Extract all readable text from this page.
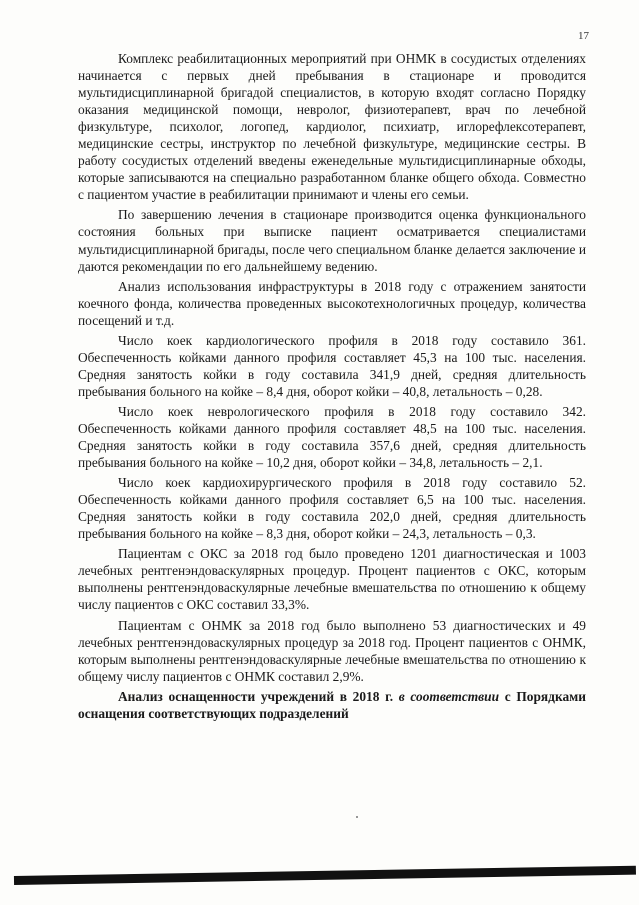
17

Комплекс реабилитационных мероприятий при ОНМК в сосудистых отделениях начинается с первых дней пребывания в стационаре и проводится мультидисциплинарной бригадой специалистов, в которую входят согласно Порядку оказания медицинской помощи, невролог, физиотерапевт, врач по лечебной физкультуре, психолог, логопед, кардиолог, психиатр, иглорефлексотерапевт, медицинские сестры, инструктор по лечебной физкультуре, медицинские сестры. В работу сосудистых отделений введены еженедельные мультидисциплинарные обходы, которые записываются на специально разработанном бланке общего обхода. Совместно с пациентом участие в реабилитации принимают и члены его семьи.

По завершению лечения в стационаре производится оценка функционального состояния больных при выписке пациент осматривается специалистами мультидисциплинарной бригады, после чего специальном бланке делается заключение и даются рекомендации по его дальнейшему ведению.

Анализ использования инфраструктуры в 2018 году с отражением занятости коечного фонда, количества проведенных высокотехнологичных процедур, количества посещений и т.д.

Число коек кардиологического профиля в 2018 году составило 361. Обеспеченность койками данного профиля составляет 45,3 на 100 тыс. населения. Средняя занятость койки в году составила 341,9 дней, средняя длительность пребывания больного на койке – 8,4 дня, оборот койки – 40,8, летальность – 0,28.

Число коек неврологического профиля в 2018 году составило 342. Обеспеченность койками данного профиля составляет 48,5 на 100 тыс. населения. Средняя занятость койки в году составила 357,6 дней, средняя длительность пребывания больного на койке – 10,2 дня, оборот койки – 34,8, летальность – 2,1.

Число коек кардиохирургического профиля в 2018 году составило 52. Обеспеченность койками данного профиля составляет 6,5 на 100 тыс. населения. Средняя занятость койки в году составила 202,0 дней, средняя длительность пребывания больного на койке – 8,3 дня, оборот койки – 24,3, летальность – 0,3.

Пациентам с ОКС за 2018 год было проведено 1201 диагностическая и 1003 лечебных рентгенэндоваскулярных процедур. Процент пациентов с ОКС, которым выполнены рентгенэндоваскулярные лечебные вмешательства по отношению к общему числу пациентов с ОКС составил 33,3%.

Пациентам с ОНМК за 2018 год было выполнено 53 диагностических и 49 лечебных рентгенэндоваскулярных процедур за 2018 год. Процент пациентов с ОНМК, которым выполнены рентгенэндоваскулярные лечебные вмешательства по отношению к общему числу пациентов с ОНМК составил 2,9%.

Анализ оснащенности учреждений в 2018 г. в соответствии с Порядками оснащения соответствующих подразделений
